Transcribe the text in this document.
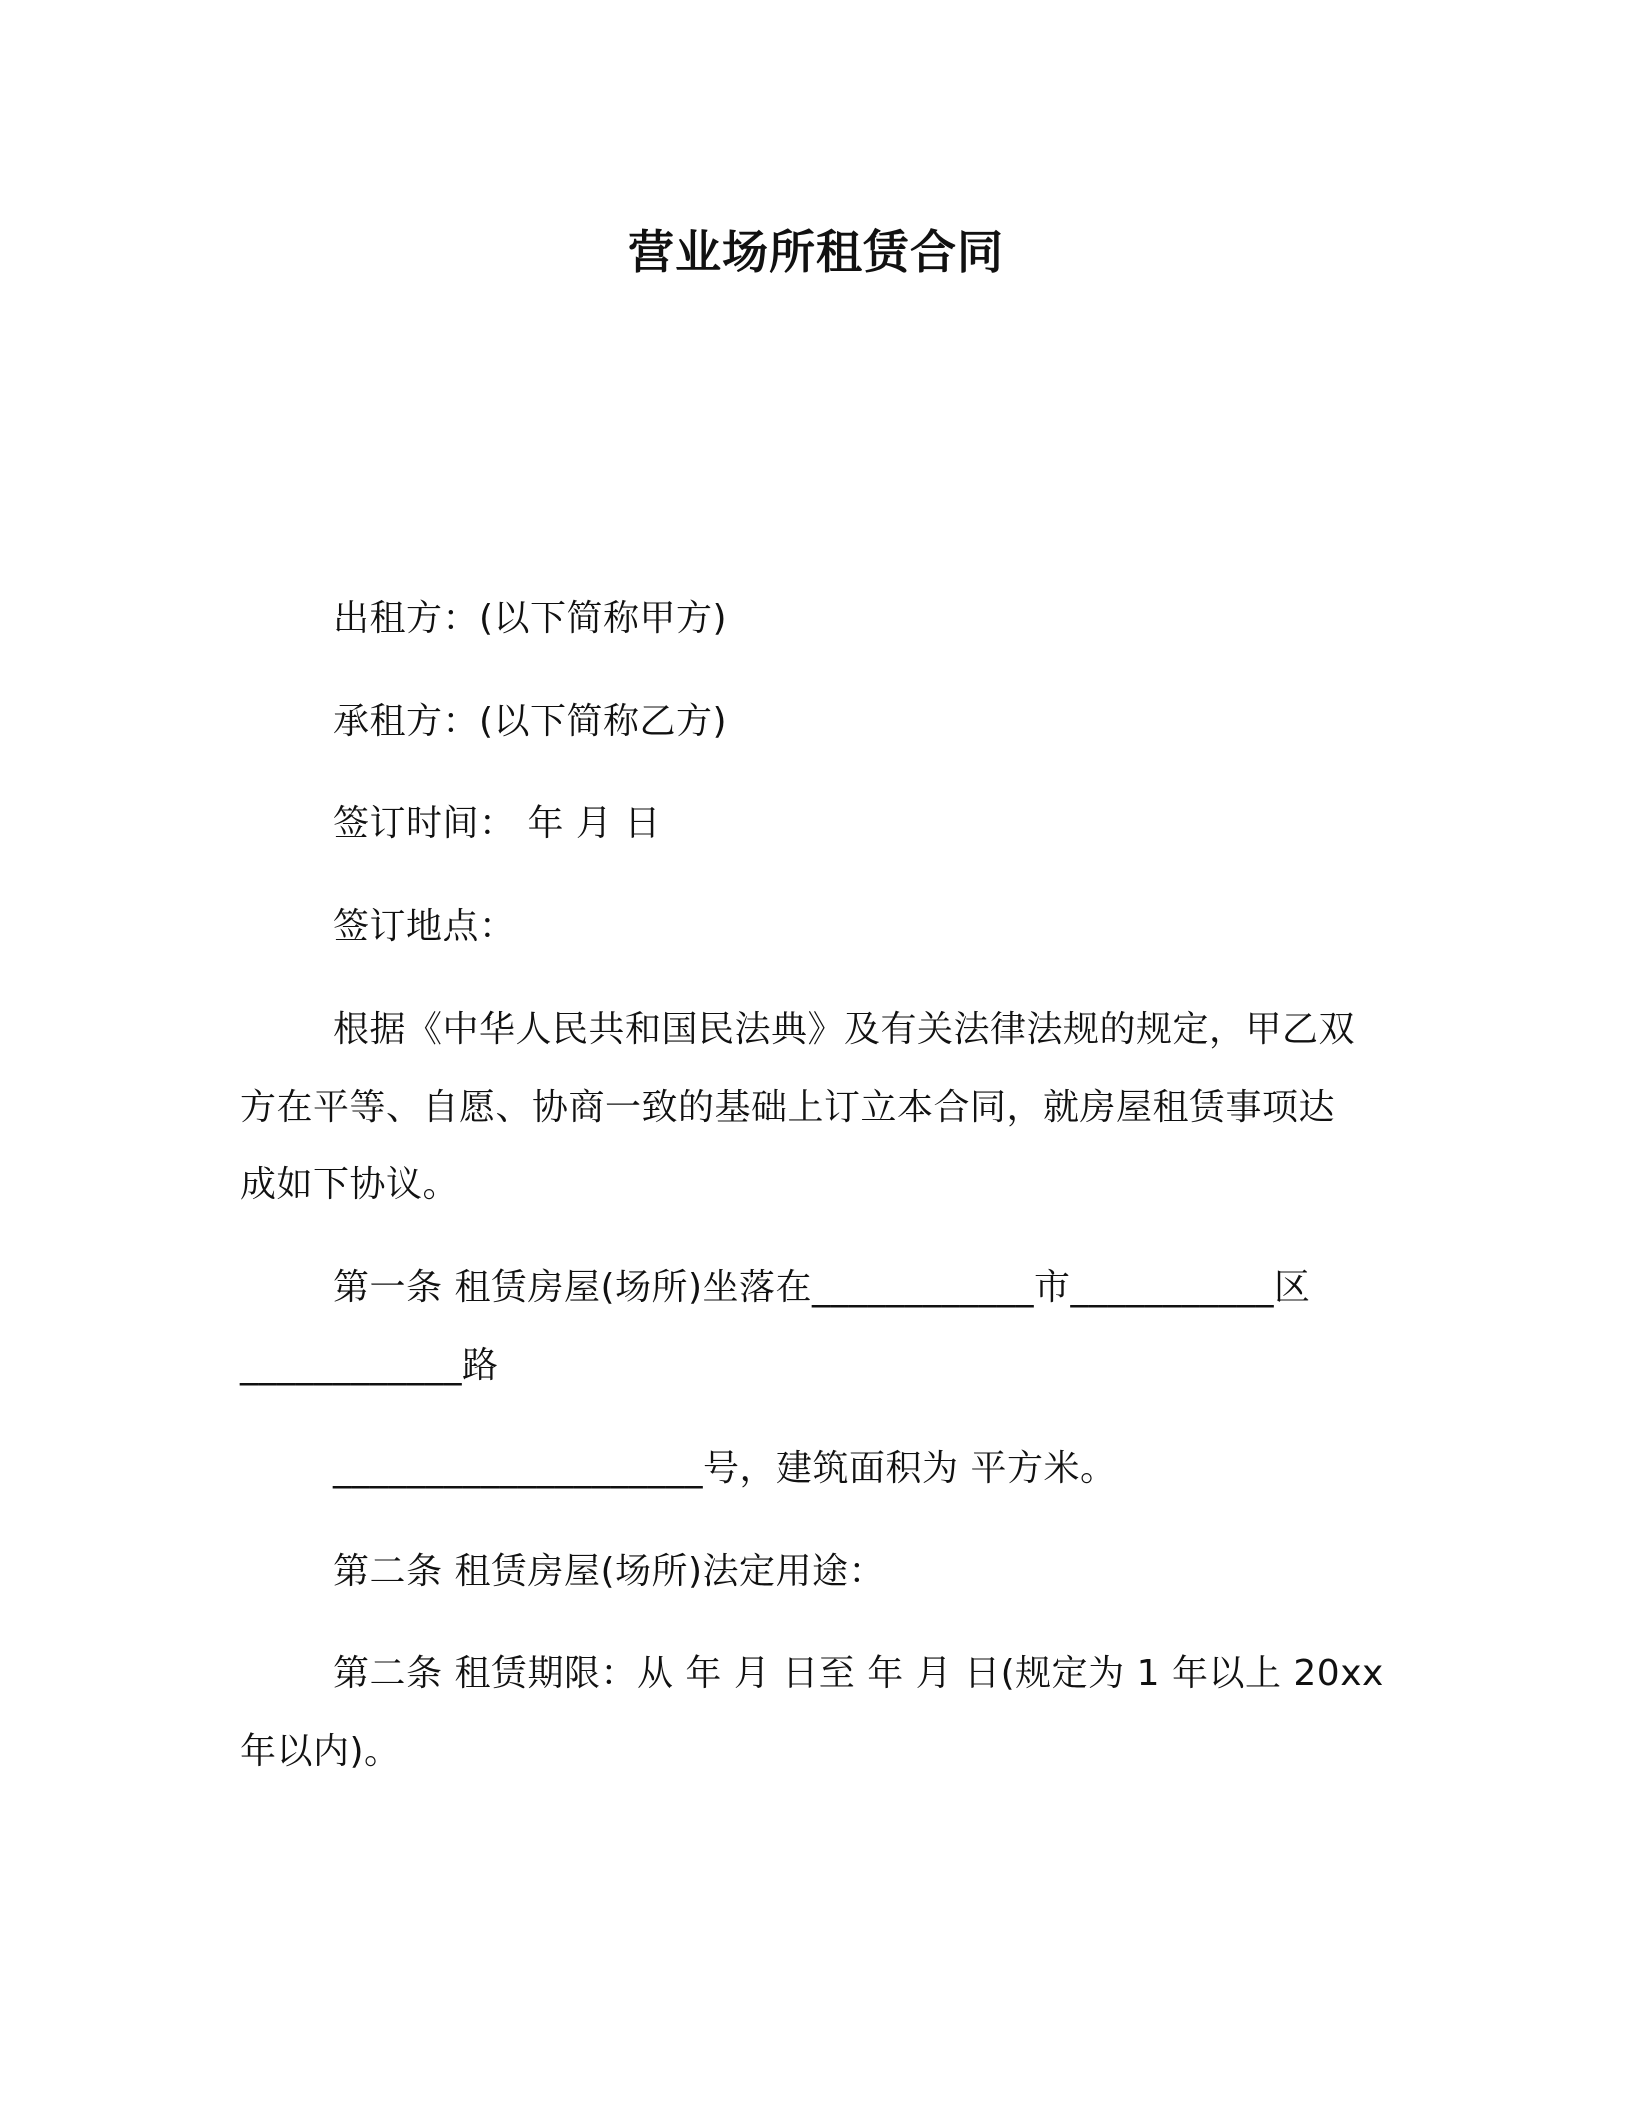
营业场所租赁合同
出租方：(以下简称甲方)
承租方：(以下简称乙方)
签订时间： 年 月 日
签订地点：
根据《中华人民共和国民法典》及有关法律法规的规定，甲乙双
方在平等、自愿、协商一致的基础上订立本合同，就房屋租赁事项达
成如下协议。
第一条 租赁房屋(场所)坐落在____________市___________区
____________路
____________________号，建筑面积为 平方米。
第二条 租赁房屋(场所)法定用途：
第二条 租赁期限：从 年 月 日至 年 月 日(规定为 1 年以上 20xx
年以内)。
